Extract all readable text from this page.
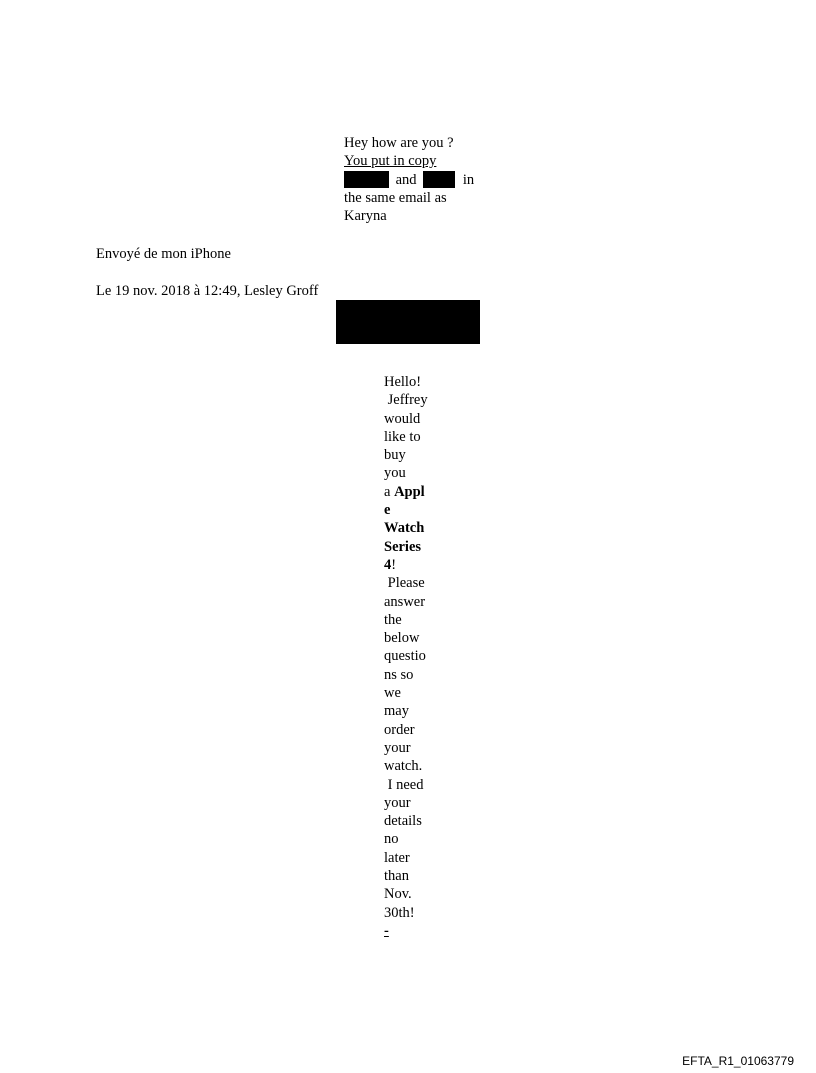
Hey how are you ?
You put in copy
and	in
the same email as
Karyna
Envoyé de mon iPhone
Le 19 nov. 2018 à 12:49, Lesley Groff
Hello!
Jeffrey
would
like to
buy
you
a Appl
e
Watch
Series
4!
Please
answer
the
below
questio
ns so
we
may
order
your
watch.
I need
your
details
no
later
than
Nov.
30th!
-
EFTA_R1_01063779
